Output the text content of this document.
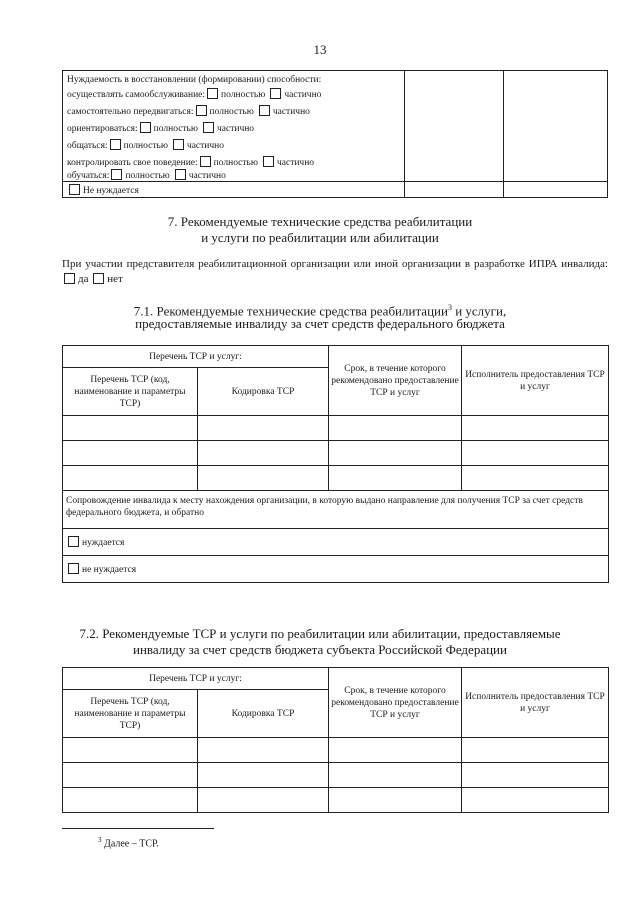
13
Нуждаемость в восстановлении (формировании) способности:
осуществлять самообслуживание: полностью частично
самостоятельно передвигаться: полностью частично
ориентироваться: полностью частично
общаться: полностью частично
контролировать свое поведение: полностью частично
обучаться: полностью частично
Не нуждается
7. Рекомендуемые технические средства реабилитации
и услуги по реабилитации или абилитации
При участии представителя реабилитационной организации или иной организации в разработке ИПРА инвалида: да нет
7.1. Рекомендуемые технические средства реабилитации$^3$ и услуги,
предоставляемые инвалиду за счет средств федерального бюджета
Перечень ТСР и услуг:		Срок, в течение которого рекомендовано предоставление ТСР и услуг	Исполнитель предоставления ТСР и услуг
Перечень ТСР (код, наименование и параметры ТСР)	Кодировка ТСР		

Сопровождение инвалида к месту нахождения организации, в которую выдано направление для получения ТСР за счет средств федерального бюджета, и обратно			
нуждается			
не нуждается			
7.2. Рекомендуемые ТСР и услуги по реабилитации или абилитации, предоставляемые
инвалиду за счет средств бюджета субъекта Российской Федерации
Перечень ТСР и услуг:		Срок, в течение которого рекомендовано предоставление ТСР и услуг	Исполнитель предоставления ТСР и услуг
Перечень ТСР (код, наименование и параметры ТСР)	Кодировка ТСР		

$^3$ Далее – ТСР.
